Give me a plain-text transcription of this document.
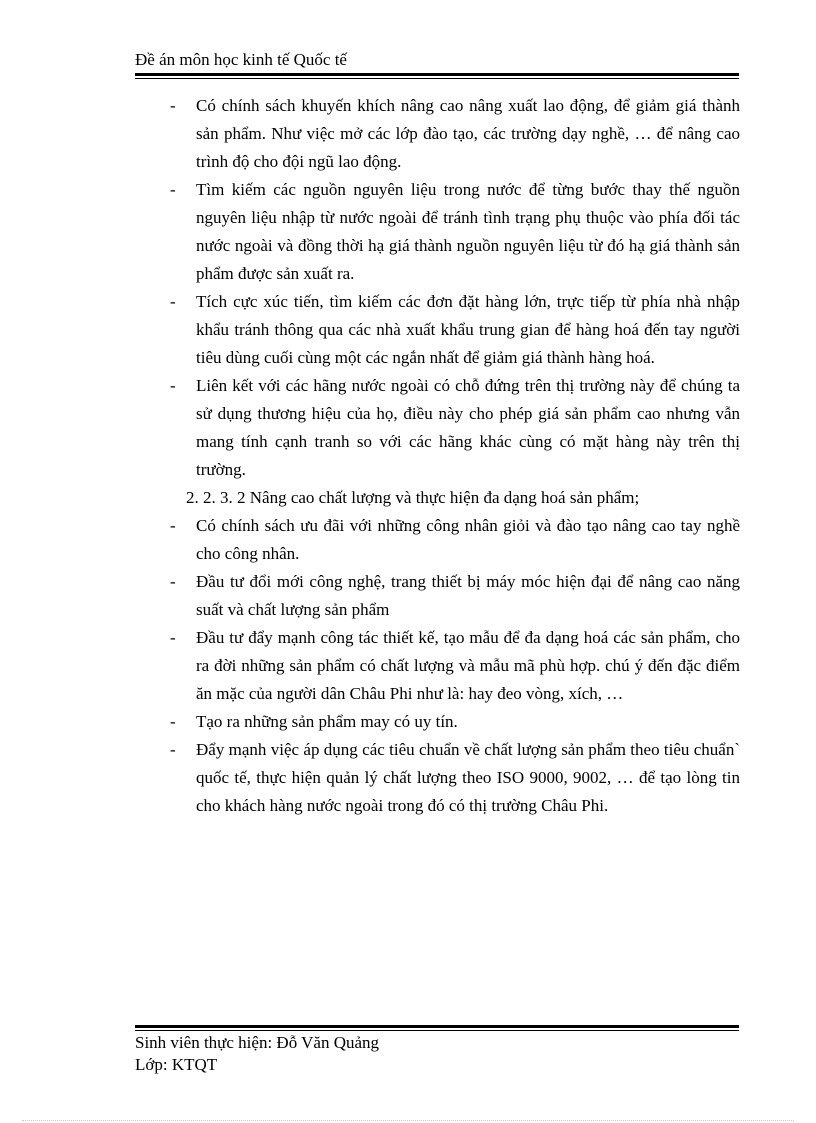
Đề án môn học kinh tế Quốc tế

-	Có chính sách khuyến khích nâng cao nâng xuất lao động, để giảm giá thành sản phẩm. Như việc mở các lớp đào tạo, các trường dạy nghề, … để nâng cao trình độ cho đội ngũ lao động.

-	Tìm kiếm các nguồn nguyên liệu trong nước để từng bước thay thế nguồn nguyên liệu nhập từ nước ngoài để tránh tình trạng phụ thuộc vào phía đối tác nước ngoài và đồng thời hạ giá thành nguồn nguyên liệu từ đó hạ giá thành sản phẩm được sản xuất ra.

-	Tích cực xúc tiến, tìm kiếm các đơn đặt hàng lớn, trực tiếp từ phía nhà nhập khẩu tránh thông qua các nhà xuất khẩu trung gian để hàng hoá đến tay người tiêu dùng cuối cùng một các ngắn nhất để giảm giá thành hàng hoá.

-	Liên kết với các hãng nước ngoài có chỗ đứng trên thị trường này để chúng ta sử dụng thương hiệu của họ, điều này cho phép giá sản phẩm cao nhưng vẫn mang tính cạnh tranh so với các hãng khác cùng có mặt hàng này trên thị trường.

2. 2. 3. 2 Nâng cao chất lượng và thực hiện đa dạng hoá sản phẩm;

-	Có chính sách ưu đãi với những công nhân giỏi và đào tạo nâng cao tay nghề cho công nhân.

-	Đầu tư đổi mới công nghệ, trang thiết bị máy móc hiện đại để nâng cao năng suất và chất lượng sản phẩm

-	Đầu tư đẩy mạnh công tác thiết kế, tạo mẫu để đa dạng hoá các sản phẩm, cho ra đời những sản phẩm có chất lượng và mẫu mã phù hợp. chú ý đến đặc điểm ăn mặc của người dân Châu Phi như là: hay đeo vòng, xích, …

-	Tạo ra những sản phẩm may có uy tín.

-	Đẩy mạnh việc áp dụng các tiêu chuẩn về chất lượng sản phẩm theo tiêu chuẩn` quốc tế, thực hiện quản lý chất lượng theo ISO 9000, 9002, … để tạo lòng tin cho khách hàng nước ngoài trong đó có thị trường Châu Phi.

Sinh viên thực hiện: Đỗ Văn Quảng
Lớp: KTQT
